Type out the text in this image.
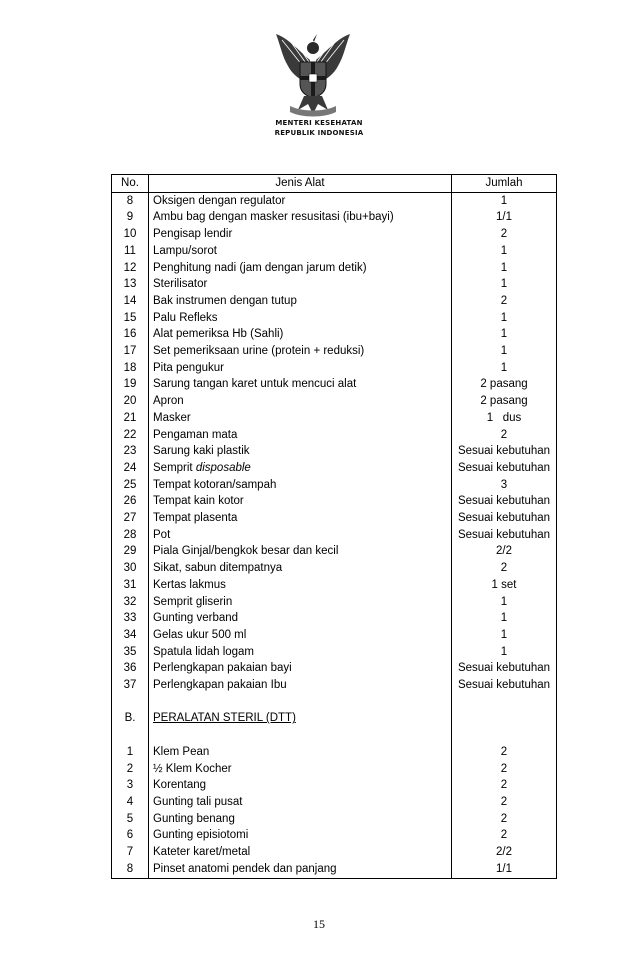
MENTERI KESEHATAN
REPUBLIK INDONESIA
No.	Jenis Alat	Jumlah
8	Oksigen dengan regulator	1
9	Ambu bag dengan masker resusitasi (ibu+bayi)	1/1
10	Pengisap lendir	2
11	Lampu/sorot	1
12	Penghitung nadi (jam dengan jarum detik)	1
13	Sterilisator	1
14	Bak instrumen dengan tutup	2
15	Palu Refleks	1
16	Alat pemeriksa Hb (Sahli)	1
17	Set pemeriksaan urine (protein + reduksi)	1
18	Pita pengukur	1
19	Sarung tangan karet untuk mencuci alat	2 pasang
20	Apron	2 pasang
21	Masker	1   dus
22	Pengaman mata	2
23	Sarung kaki plastik	Sesuai kebutuhan
24	Semprit disposable	Sesuai kebutuhan
25	Tempat kotoran/sampah	3
26	Tempat kain kotor	Sesuai kebutuhan
27	Tempat plasenta	Sesuai kebutuhan
28	Pot	Sesuai kebutuhan
29	Piala Ginjal/bengkok besar dan kecil	2/2
30	Sikat, sabun ditempatnya	2
31	Kertas lakmus	1 set
32	Semprit gliserin	1
33	Gunting verband	1
34	Gelas ukur 500 ml	1
35	Spatula lidah logam	1
36	Perlengkapan pakaian bayi	Sesuai kebutuhan
37	Perlengkapan pakaian Ibu	Sesuai kebutuhan

B.	PERALATAN STERIL (DTT)	

1	Klem Pean	2
2	½ Klem Kocher	2
3	Korentang	2
4	Gunting tali pusat	2
5	Gunting benang	2
6	Gunting episiotomi	2
7	Kateter karet/metal	2/2
8	Pinset anatomi pendek dan panjang	1/1
15
